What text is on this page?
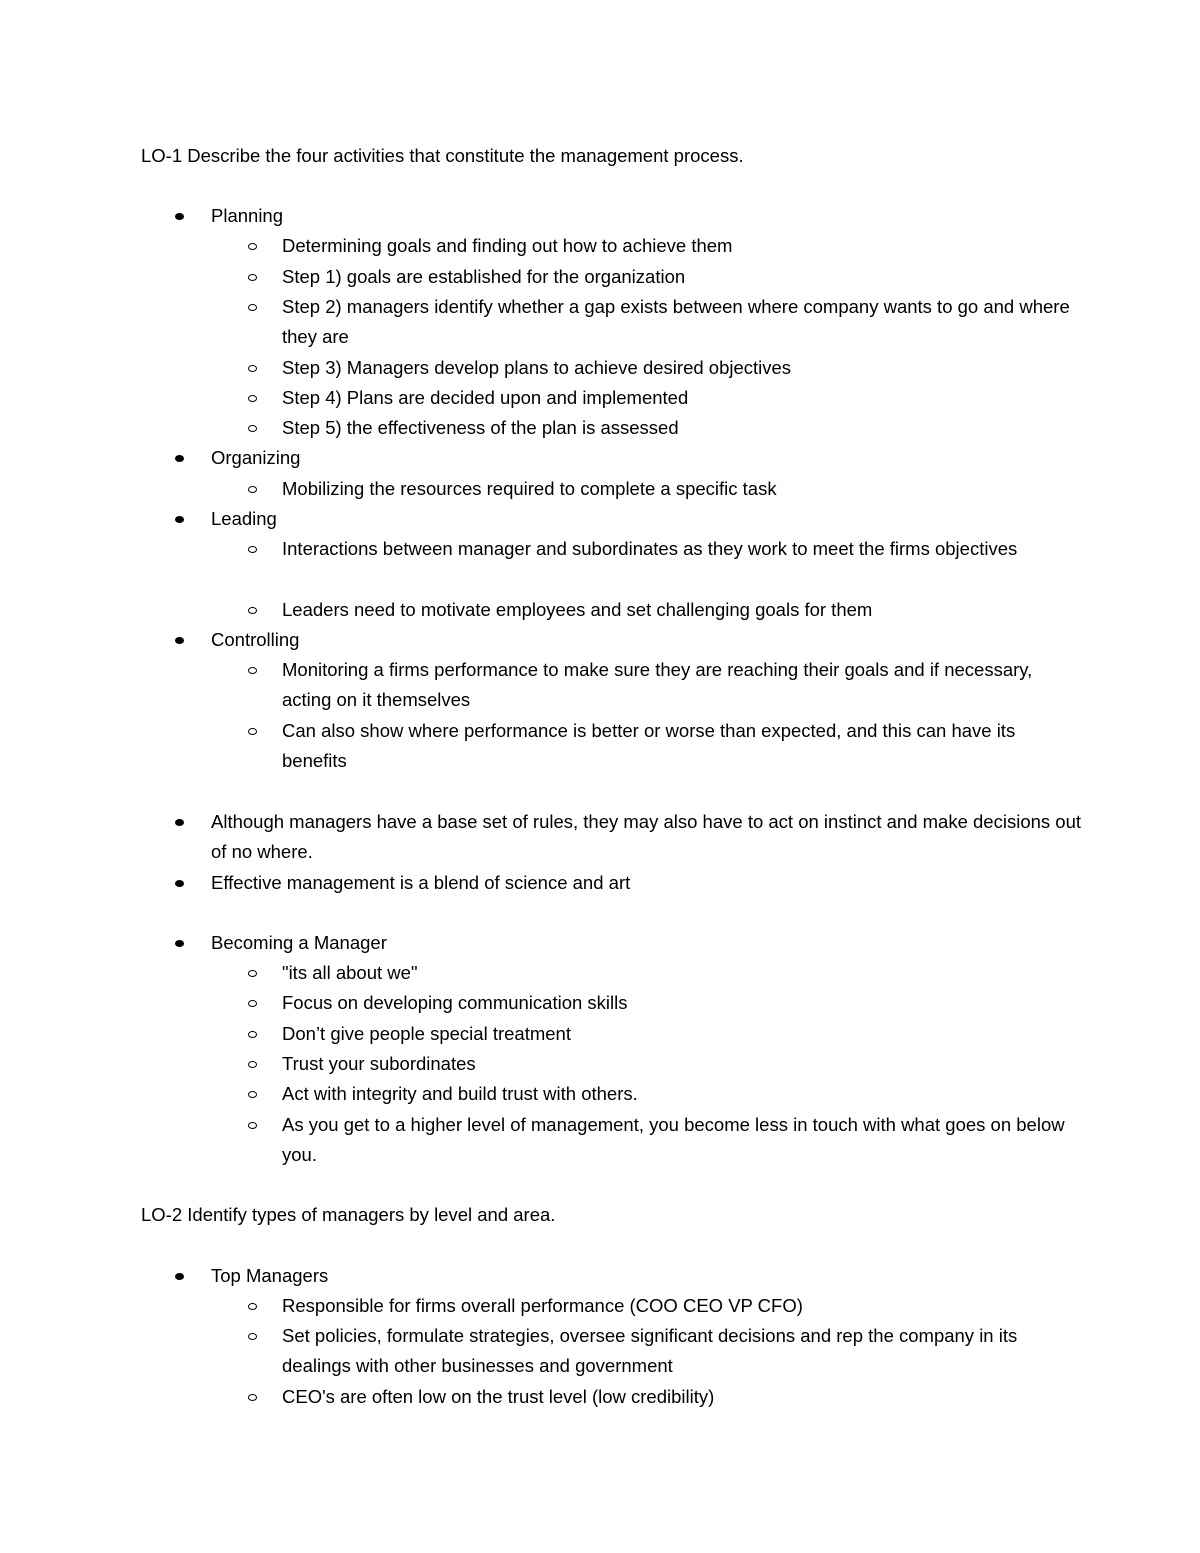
LO-1 Describe the four activities that constitute the management process.
Planning
Determining goals and finding out how to achieve them
Step 1) goals are established for the organization
Step 2) managers identify whether a gap exists between where company wants to go and where they are
Step 3) Managers develop plans to achieve desired objectives
Step 4) Plans are decided upon and implemented
Step 5) the effectiveness of the plan is assessed
Organizing
Mobilizing the resources required to complete a specific task
Leading
Interactions between manager and subordinates as they work to meet the firms objectives
Leaders need to motivate employees and set challenging goals for them
Controlling
Monitoring a firms performance to make sure they are reaching their goals and if necessary, acting on it themselves
Can also show where performance is better or worse than expected, and this can have its benefits
Although managers have a base set of rules, they may also have to act on instinct and make decisions out of no where.
Effective management is a blend of science and art
Becoming a Manager
"its all about we"
Focus on developing communication skills
Don’t give people special treatment
Trust your subordinates
Act with integrity and build trust with others.
As you get to a higher level of management, you become less in touch with what goes on below you.
LO-2 Identify types of managers by level and area.
Top Managers
Responsible for firms overall performance (COO CEO VP CFO)
Set policies, formulate strategies, oversee significant decisions and rep the company in its dealings with other businesses and government
CEO's are often low on the trust level (low credibility)
